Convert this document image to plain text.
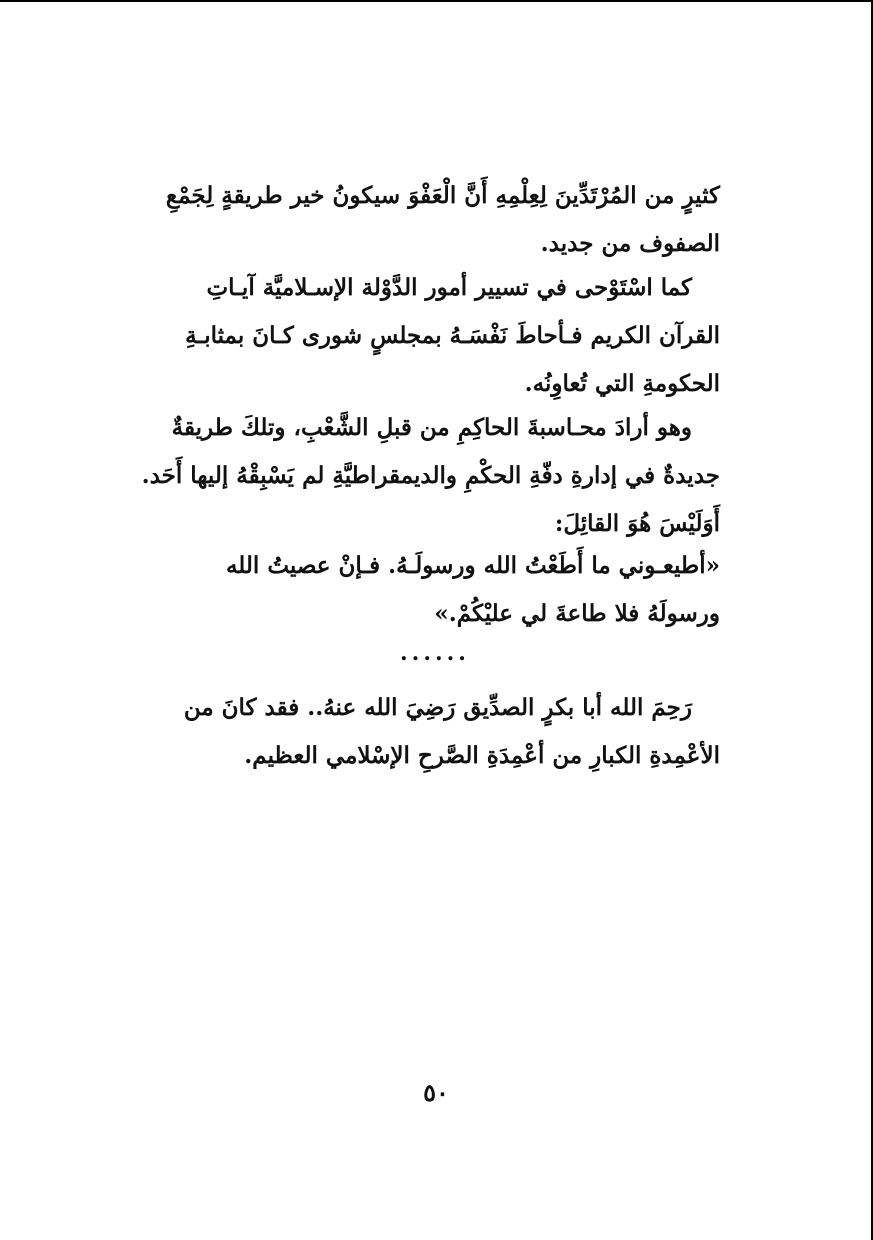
كثيرٍ من المُرْتَدِّينَ لِعِلْمِهِ أَنَّ الْعَفْوَ سيكونُ خير طريقةٍ لِجَمْعِ
الصفوف من جديد.
كما اسْتَوْحى في تسيير أمور الدَّوْلة الإسـلاميَّة آيـاتِ
القرآن الكريم فـأحاطَ نَفْسَـهُ بمجلسٍ شورى كـانَ بمثابـةِ
الحكومةِ التي تُعاوِنُه.
وهو أرادَ محـاسبةَ الحاكِمِ من قبلِ الشَّعْبِ، وتلكَ طريقةٌ
جديدةٌ في إدارةِ دفّةِ الحكْمِ والديمقراطيَّةِ لم يَسْبِقْهُ إليها أَحَد.
أَوَلَيْسَ هُوَ القائِلَ:
«أطيعـوني ما أَطَعْتُ الله ورسولَـهُ. فـإنْ عصيتُ الله
ورسولَهُ فلا طاعةَ لي عليْكُمْ.»
......
رَحِمَ الله أبا بكرٍ الصدِّيق رَضِيَ الله عنهُ.. فقد كانَ من
الأعْمِدةِ الكبارِ من أعْمِدَةِ الصَّرحِ الإسْلامي العظيم.
٥٠
